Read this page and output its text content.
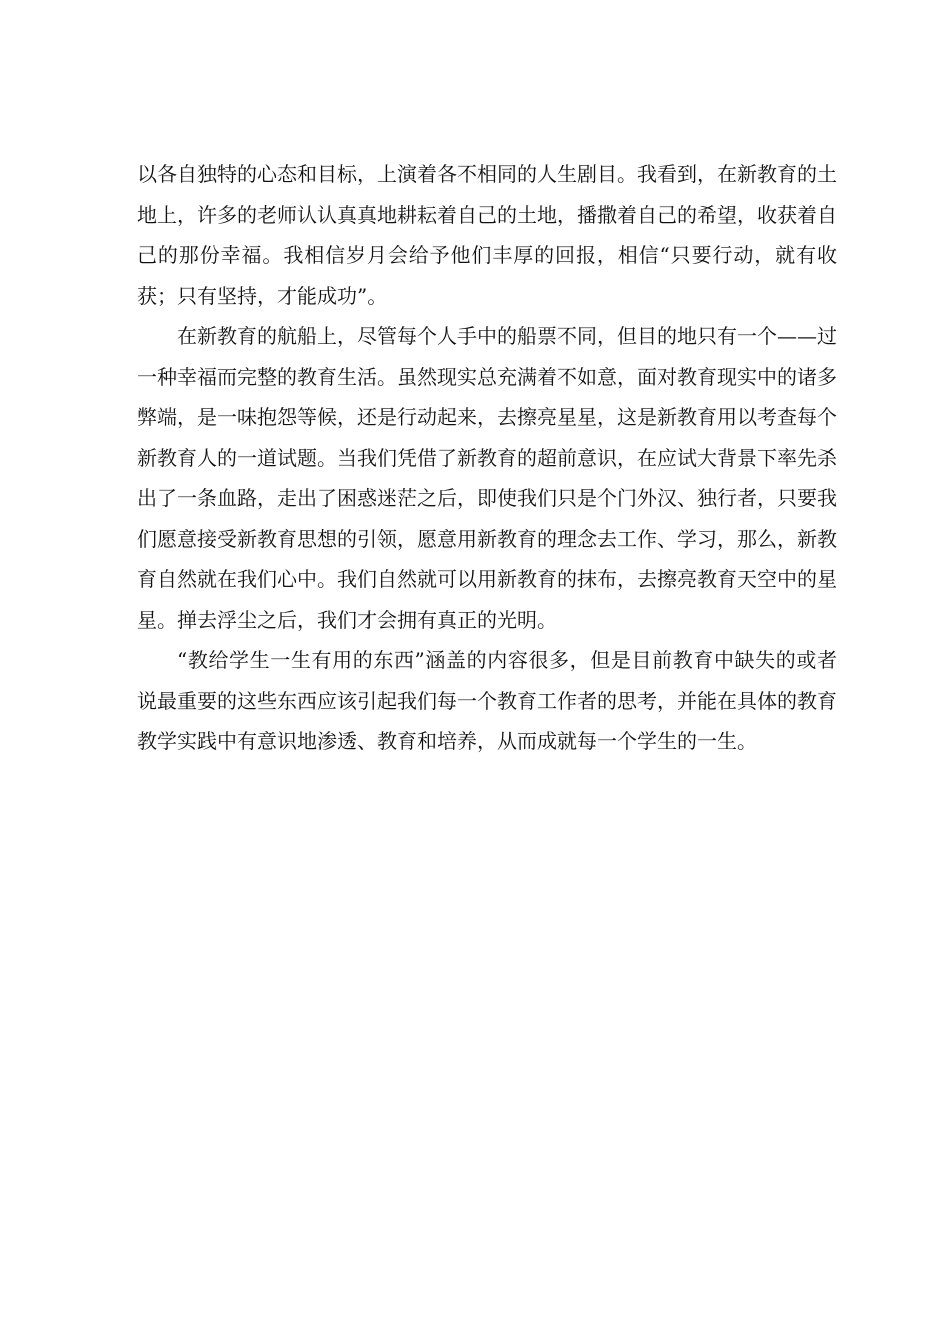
以各自独特的心态和目标，上演着各不相同的人生剧目。我看到，在新教育的土地上，许多的老师认认真真地耕耘着自己的土地，播撒着自己的希望，收获着自己的那份幸福。我相信岁月会给予他们丰厚的回报，相信“只要行动，就有收获；只有坚持，才能成功”。

在新教育的航船上，尽管每个人手中的船票不同，但目的地只有一个——过一种幸福而完整的教育生活。虽然现实总充满着不如意，面对教育现实中的诸多弊端，是一味抱怨等候，还是行动起来，去擦亮星星，这是新教育用以考查每个新教育人的一道试题。当我们凭借了新教育的超前意识，在应试大背景下率先杀出了一条血路，走出了困惑迷茫之后，即使我们只是个门外汉、独行者，只要我们愿意接受新教育思想的引领，愿意用新教育的理念去工作、学习，那么，新教育自然就在我们心中。我们自然就可以用新教育的抹布，去擦亮教育天空中的星星。掸去浮尘之后，我们才会拥有真正的光明。

“教给学生一生有用的东西”涵盖的内容很多，但是目前教育中缺失的或者说最重要的这些东西应该引起我们每一个教育工作者的思考，并能在具体的教育教学实践中有意识地渗透、教育和培养，从而成就每一个学生的一生。
